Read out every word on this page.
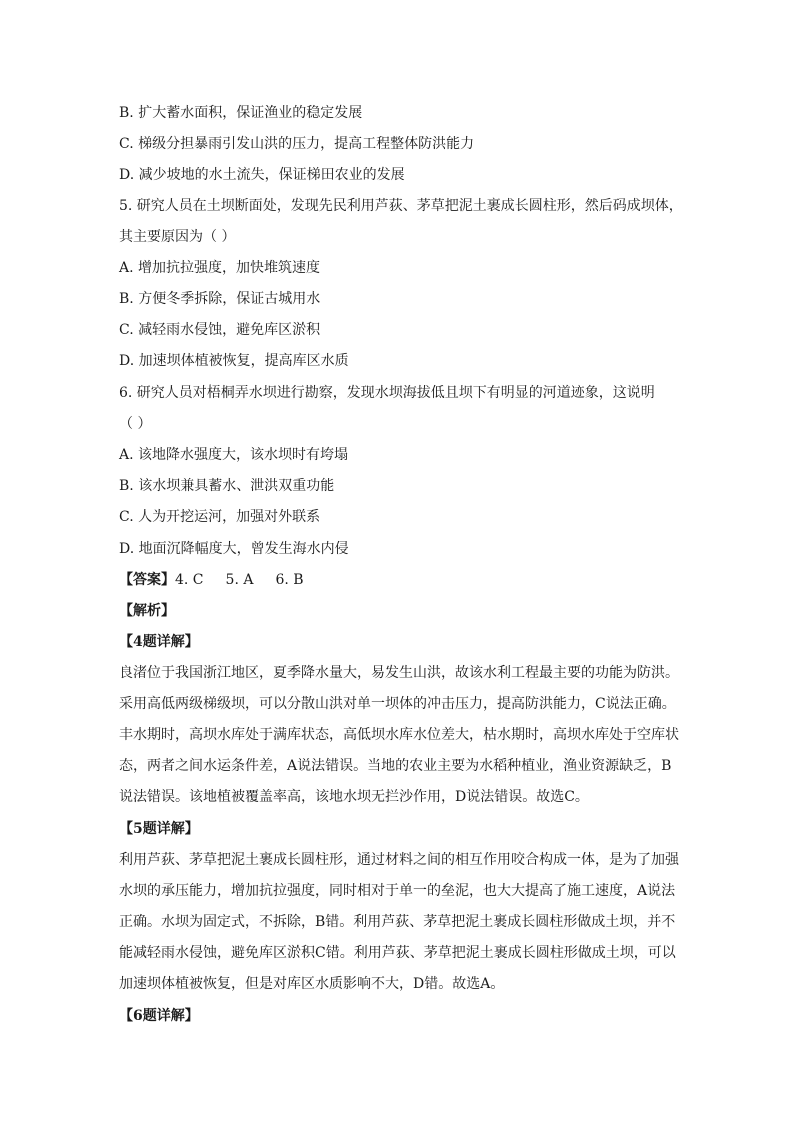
B. 扩大蓄水面积，保证渔业的稳定发展
C. 梯级分担暴雨引发山洪的压力，提高工程整体防洪能力
D. 减少坡地的水土流失，保证梯田农业的发展
5. 研究人员在土坝断面处，发现先民利用芦荻、茅草把泥土裹成长圆柱形，然后码成坝体，
其主要原因为（ ）
A. 增加抗拉强度，加快堆筑速度
B. 方便冬季拆除，保证古城用水
C. 减轻雨水侵蚀，避免库区淤积
D. 加速坝体植被恢复，提高库区水质
6. 研究人员对梧桐弄水坝进行勘察，发现水坝海拔低且坝下有明显的河道迹象，这说明
（ ）
A. 该地降水强度大，该水坝时有垮塌
B. 该水坝兼具蓄水、泄洪双重功能
C. 人为开挖运河，加强对外联系
D. 地面沉降幅度大，曾发生海水内侵
【答案】4. C 5. A 6. B
【解析】
【4题详解】
良渚位于我国浙江地区，夏季降水量大，易发生山洪，故该水利工程最主要的功能为防洪。
采用高低两级梯级坝，可以分散山洪对单一坝体的冲击压力，提高防洪能力，C说法正确。
丰水期时，高坝水库处于满库状态，高低坝水库水位差大，枯水期时，高坝水库处于空库状
态，两者之间水运条件差，A说法错误。当地的农业主要为水稻种植业，渔业资源缺乏，B
说法错误。该地植被覆盖率高，该地水坝无拦沙作用，D说法错误。故选C。
【5题详解】
利用芦荻、茅草把泥土裹成长圆柱形，通过材料之间的相互作用咬合构成一体，是为了加强
水坝的承压能力，增加抗拉强度，同时相对于单一的垒泥，也大大提高了施工速度，A说法
正确。水坝为固定式，不拆除，B错。利用芦荻、茅草把泥土裹成长圆柱形做成土坝，并不
能减轻雨水侵蚀，避免库区淤积C错。利用芦荻、茅草把泥土裹成长圆柱形做成土坝，可以
加速坝体植被恢复，但是对库区水质影响不大，D错。故选A。
【6题详解】
